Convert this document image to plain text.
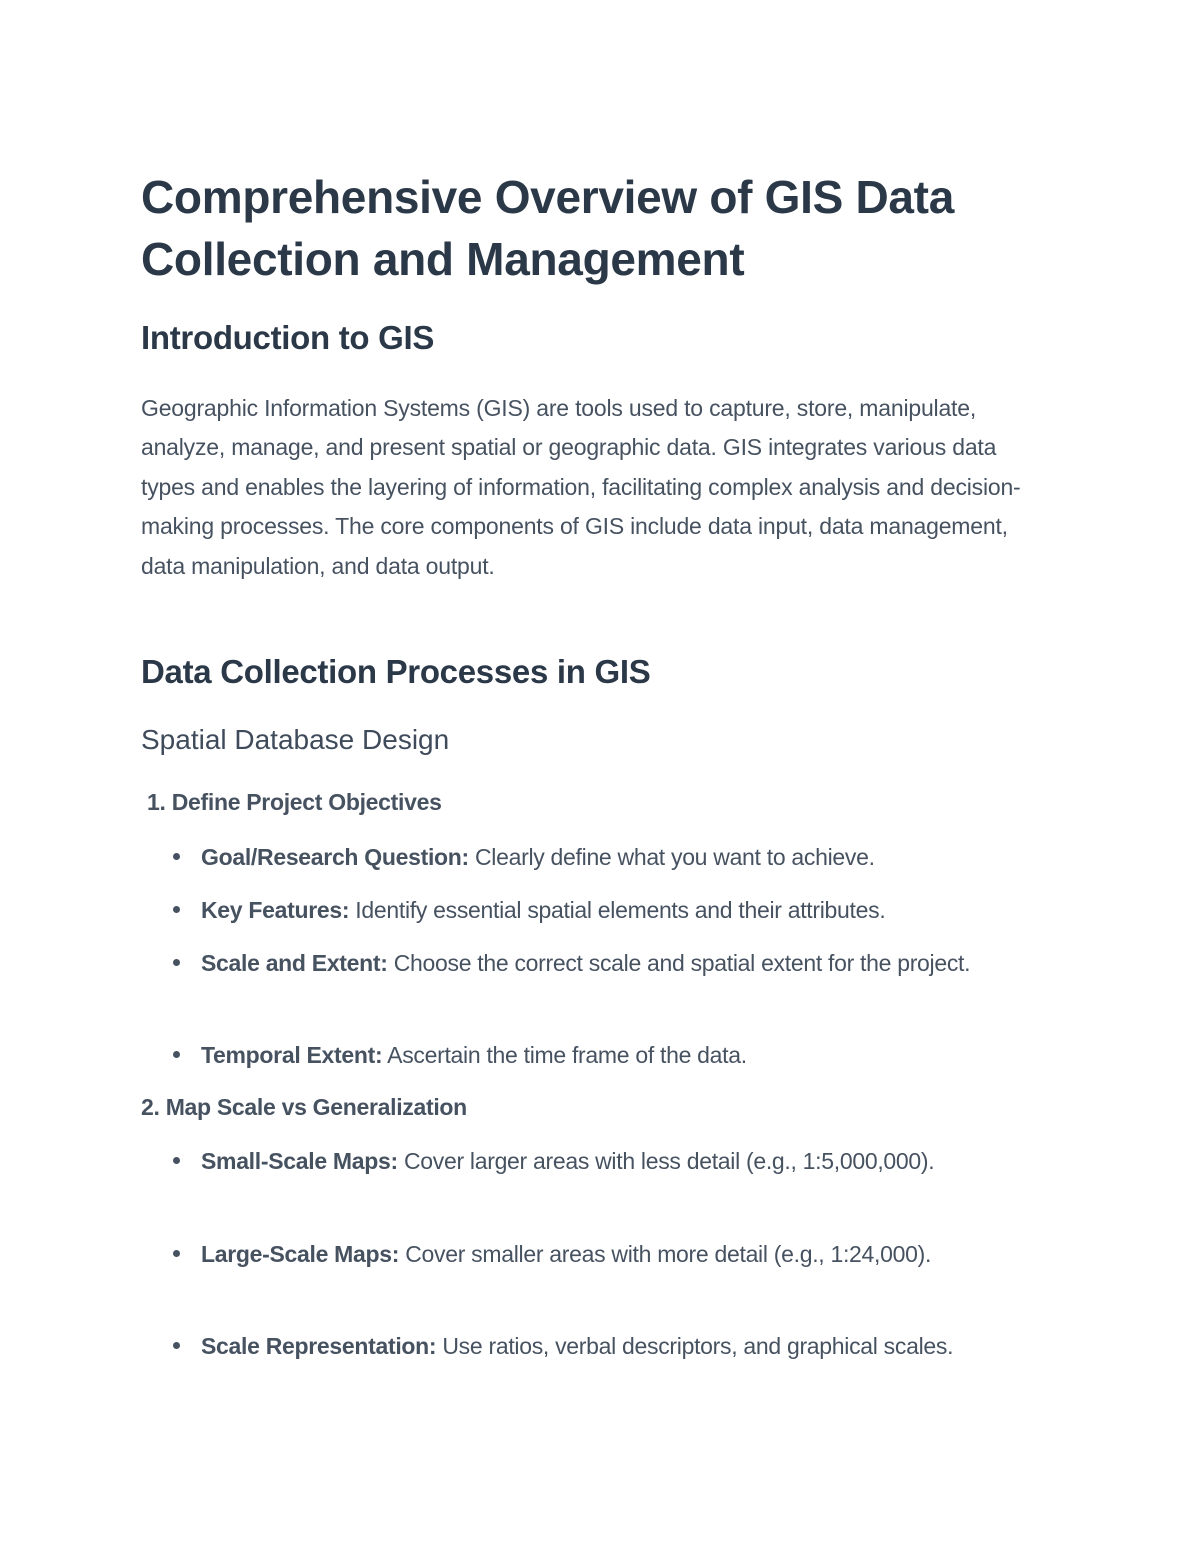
Comprehensive Overview of GIS Data Collection and Management
Introduction to GIS

Geographic Information Systems (GIS) are tools used to capture, store, manipulate, analyze, manage, and present spatial or geographic data. GIS integrates various data types and enables the layering of information, facilitating complex analysis and decision-making processes. The core components of GIS include data input, data management, data manipulation, and data output.

Data Collection Processes in GIS
Spatial Database Design
1. Define Project Objectives
Goal/Research Question: Clearly define what you want to achieve.
Key Features: Identify essential spatial elements and their attributes.
Scale and Extent: Choose the correct scale and spatial extent for the project.
Temporal Extent: Ascertain the time frame of the data.
2. Map Scale vs Generalization
Small-Scale Maps: Cover larger areas with less detail (e.g., 1:5,000,000).
Large-Scale Maps: Cover smaller areas with more detail (e.g., 1:24,000).
Scale Representation: Use ratios, verbal descriptors, and graphical scales.
